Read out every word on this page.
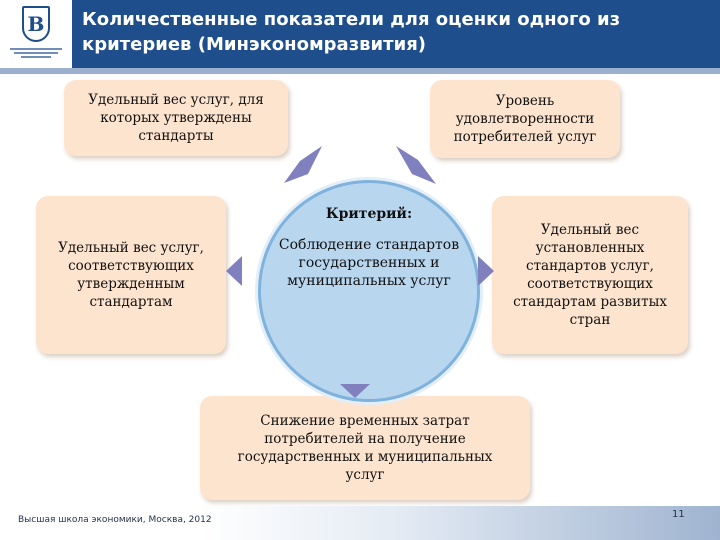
B	Количественные показатели для оценки одного из критериев (Минэкономразвития)
Удельный вес услуг, для которых утверждены стандарты
Уровень удовлетворенности потребителей услуг
Удельный вес услуг, соответствующих утвержденным стандартам
Удельный вес установленных стандартов услуг, соответствующих стандартам развитых стран
Снижение временных затрат потребителей на получение государственных и муниципальных услуг
Критерий:
Соблюдение стандартов государственных и муниципальных услуг
Высшая школа экономики, Москва, 2012	11
